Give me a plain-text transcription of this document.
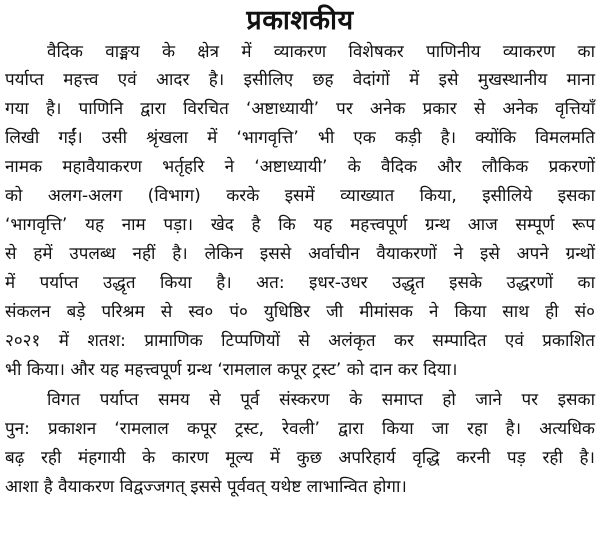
प्रकाशकीय
वैदिक वाङ्मय के क्षेत्र में व्याकरण विशेषकर पाणिनीय व्याकरण का
पर्याप्त महत्त्व एवं आदर है। इसीलिए छह वेदांगों में इसे मुखस्थानीय माना
गया है। पाणिनि द्वारा विरचित ‘अष्टाध्यायी’ पर अनेक प्रकार से अनेक वृत्तियाँ
लिखी गईं। उसी श्रृंखला में ‘भागवृत्ति’ भी एक कड़ी है। क्योंकि विमलमति
नामक महावैयाकरण भर्तृहरि ने ‘अष्टाध्यायी’ के वैदिक और लौकिक प्रकरणों
को अलग-अलग (विभाग) करके इसमें व्याख्यात किया, इसीलिये इसका
‘भागवृत्ति’ यह नाम पड़ा। खेद है कि यह महत्त्वपूर्ण ग्रन्थ आज सम्पूर्ण रूप
से हमें उपलब्ध नहीं है। लेकिन इससे अर्वाचीन वैयाकरणों ने इसे अपने ग्रन्थों
में पर्याप्त उद्धृत किया है। अत: इधर-उधर उद्धृत इसके उद्धरणों का
संकलन बड़े परिश्रम से स्व० पं० युधिष्ठिर जी मीमांसक ने किया साथ ही सं०
२०२१ में शतश: प्रामाणिक टिप्पणियों से अलंकृत कर सम्पादित एवं प्रकाशित
भी किया। और यह महत्त्वपूर्ण ग्रन्थ ‘रामलाल कपूर ट्रस्ट’ को दान कर दिया।
विगत पर्याप्त समय से पूर्व संस्करण के समाप्त हो जाने पर इसका
पुन: प्रकाशन ‘रामलाल कपूर ट्रस्ट, रेवली’ द्वारा किया जा रहा है। अत्यधिक
बढ़ रही मंहगायी के कारण मूल्य में कुछ अपरिहार्य वृद्धि करनी पड़ रही है।
आशा है वैयाकरण विद्वज्जगत् इससे पूर्ववत् यथेष्ट लाभान्वित होगा।
